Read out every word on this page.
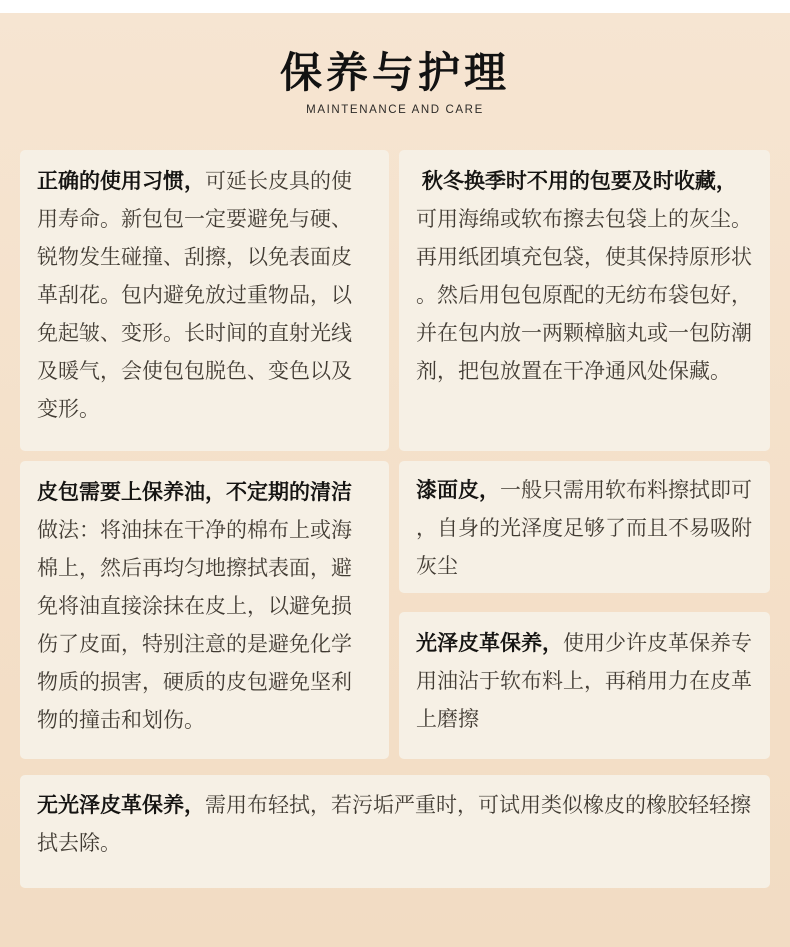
保养与护理
MAINTENANCE AND CARE

正确的使用习惯，可延长皮具的使用寿命。新包包一定要避免与硬、锐物发生碰撞、刮擦，以免表面皮革刮花。包内避免放过重物品，以免起皱、变形。长时间的直射光线及暖气，会使包包脱色、变色以及变形。

秋冬换季时不用的包要及时收藏，可用海绵或软布擦去包袋上的灰尘。再用纸团填充包袋，使其保持原形状。然后用包包原配的无纺布袋包好，并在包内放一两颗樟脑丸或一包防潮剂，把包放置在干净通风处保藏。

皮包需要上保养油，不定期的清洁做法：将油抹在干净的棉布上或海棉上，然后再均匀地擦拭表面，避免将油直接涂抹在皮上，以避免损伤了皮面，特别注意的是避免化学物质的损害，硬质的皮包避免坚利物的撞击和划伤。

漆面皮，一般只需用软布料擦拭即可，自身的光泽度足够了而且不易吸附灰尘

光泽皮革保养，使用少许皮革保养专用油沾于软布料上，再稍用力在皮革上磨擦

无光泽皮革保养，需用布轻拭，若污垢严重时，可试用类似橡皮的橡胶轻轻擦拭去除。
